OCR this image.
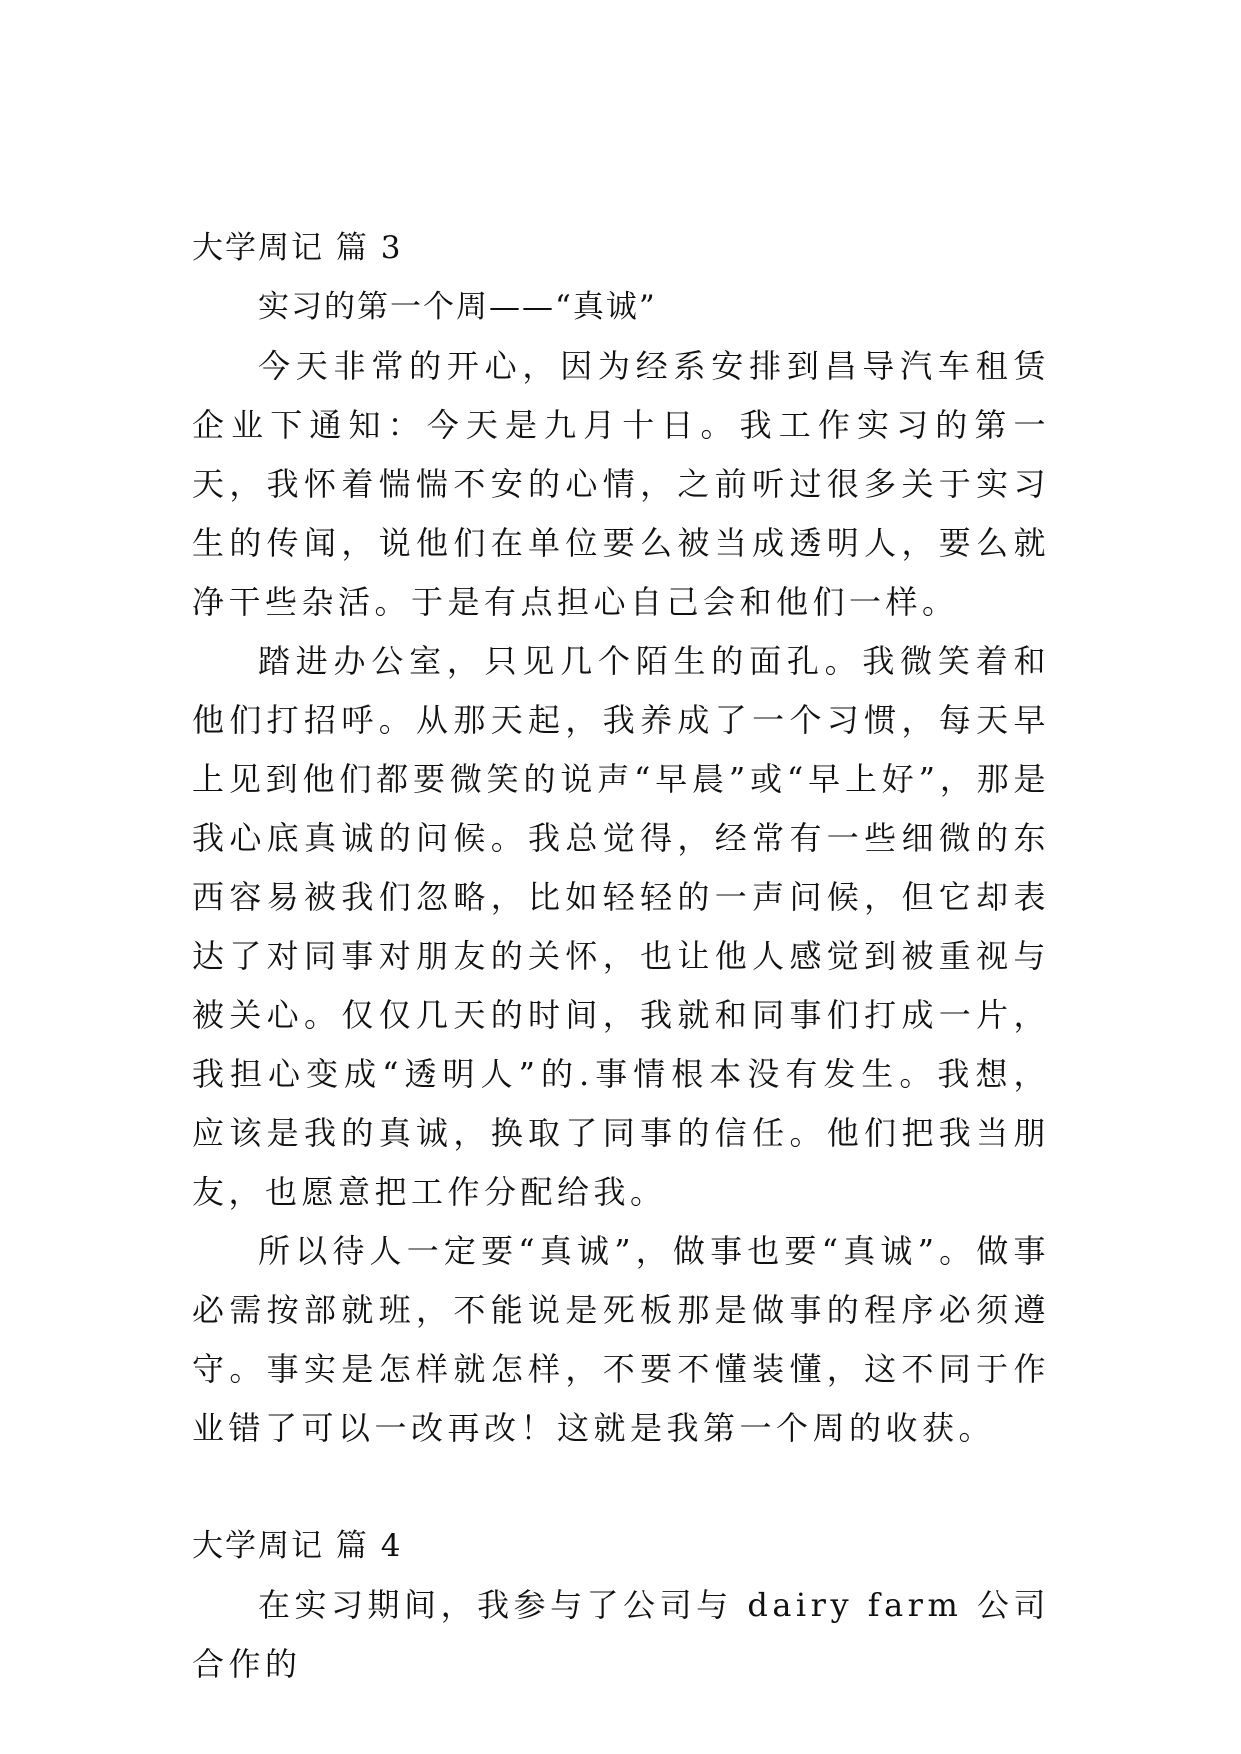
大学周记 篇 3
实习的第一个周——“真诚”

今天非常的开心，因为经系安排到昌导汽车租赁企业下通知：今天是九月十日。我工作实习的第一天，我怀着惴惴不安的心情，之前听过很多关于实习生的传闻，说他们在单位要么被当成透明人，要么就净干些杂活。于是有点担心自己会和他们一样。

踏进办公室，只见几个陌生的面孔。我微笑着和他们打招呼。从那天起，我养成了一个习惯，每天早上见到他们都要微笑的说声“早晨”或“早上好”，那是我心底真诚的问候。我总觉得，经常有一些细微的东西容易被我们忽略，比如轻轻的一声问候，但它却表达了对同事对朋友的关怀，也让他人感觉到被重视与被关心。仅仅几天的时间，我就和同事们打成一片，我担心变成“透明人”的.事情根本没有发生。我想，应该是我的真诚，换取了同事的信任。他们把我当朋友，也愿意把工作分配给我。

所以待人一定要“真诚”，做事也要“真诚”。做事必需按部就班，不能说是死板那是做事的程序必须遵守。事实是怎样就怎样，不要不懂装懂，这不同于作业错了可以一改再改！这就是我第一个周的收获。

大学周记 篇 4

在实习期间，我参与了公司与 dairy farm 公司合作的
